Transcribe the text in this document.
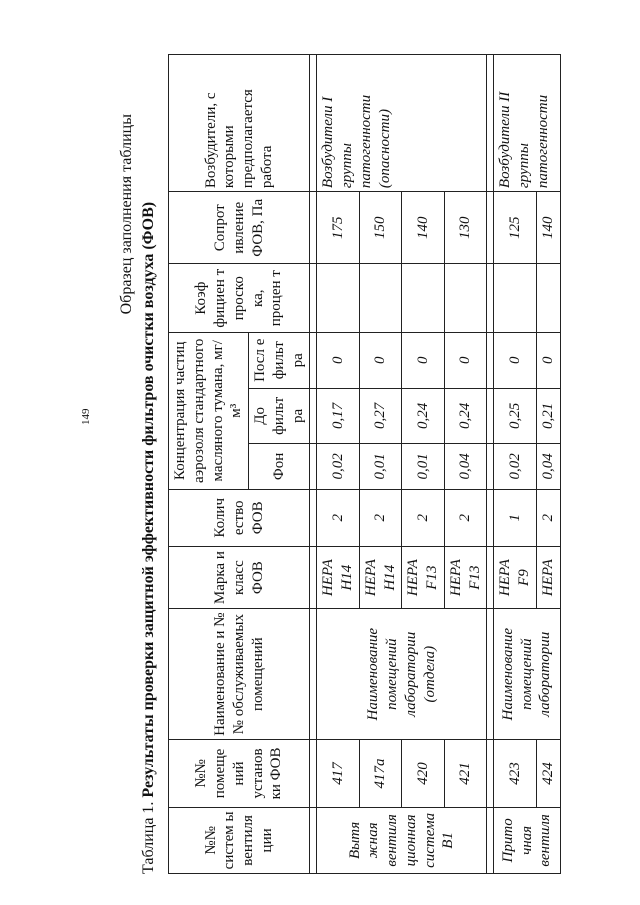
149
Образец заполнения таблицы
Таблица 1. Результаты проверки защитной эффективности фильтров очистки воздуха (ФОВ)
№№ систем ы вентиля ции	№№ помеще ний установ ки ФОВ	Наименование и №№ обслуживаемых помещений	Марка и класс ФОВ	Колич ество ФОВ	Концентрация частиц аэрозоля стандартного масляного тумана, мг/м³			Коэф фициен т проско ка, процен т	Сопрот ивление ФОВ, Па	Возбудители, с которыми предполагается работа
					Фон	До фильт ра	Посл е фильт ра			

Вытя жная вентиля ционная система В1	417	Наименование помещений лаборатории (отдела)	НЕРА Н14	2	0,02	0,17	0		175	Возбудители I группы патогенности (опасности)
	417а		НЕРА Н14	2	0,01	0,27	0		150	
	420		НЕРА F13	2	0,01	0,24	0		140	
	421		НЕРА F13	2	0,04	0,24	0		130	

Прито чная вентиля	423	Наименование помещений лаборатории	НЕРА F9	1	0,02	0,25	0		125	Возбудители II группы патогенности
	424		НЕРА	2	0,04	0,21	0		140	
